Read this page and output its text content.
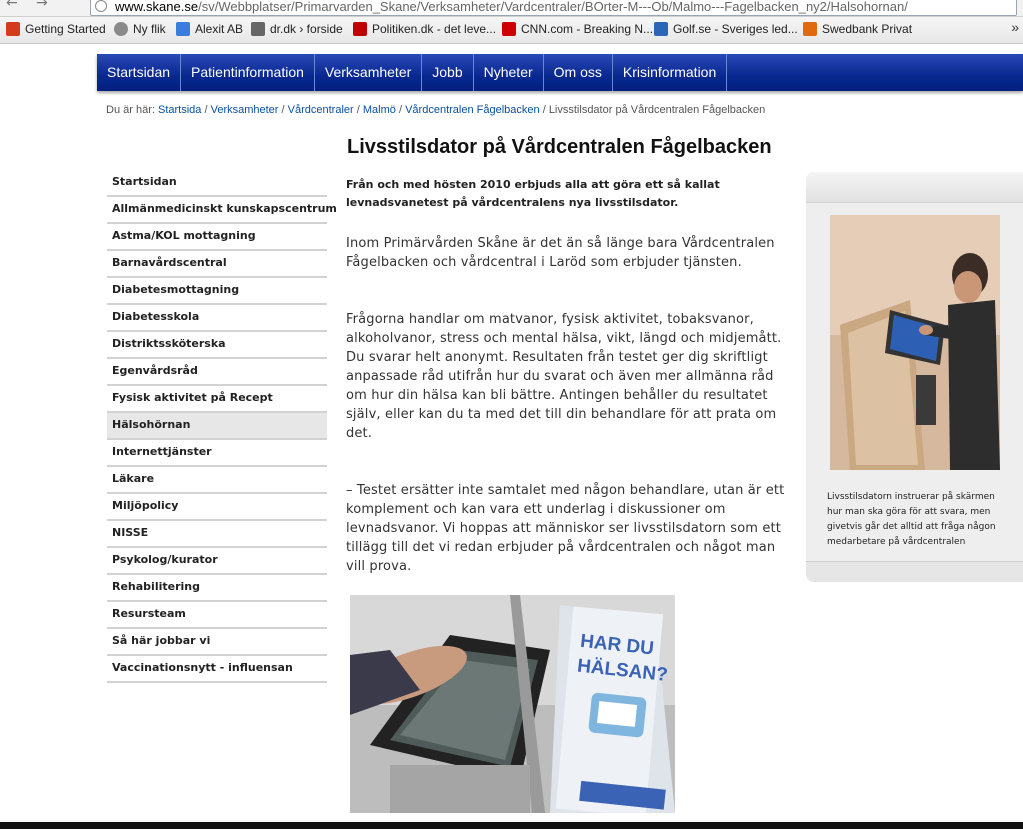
← →	www.skane.se/sv/Webbplatser/Primarvarden_Skane/Verksamheter/Vardcentraler/BOrter-M---Ob/Malmo---Fagelbacken_ny2/Halsohornan/
Getting Started	Ny flik	Alexit AB	dr.dk › forside	Politiken.dk - det leve...	CNN.com - Breaking N...	Golf.se - Sveriges led...	Swedbank Privat	»
Startsidan	Patientinformation	Verksamheter	Jobb	Nyheter	Om oss	Krisinformation
Du är här: Startsida / Verksamheter / Vårdcentraler / Malmö / Vårdcentralen Fågelbacken / Livsstilsdator på Vårdcentralen Fågelbacken
Livsstilsdator på Vårdcentralen Fågelbacken
Startsidan
Allmänmedicinskt kunskapscentrum
Astma/KOL mottagning
Barnavårdscentral
Diabetesmottagning
Diabetesskola
Distriktssköterska
Egenvårdsråd
Fysisk aktivitet på Recept
Hälsohörnan
Internettjänster
Läkare
Miljöpolicy
NISSE
Psykolog/kurator
Rehabilitering
Resursteam
Så här jobbar vi
Vaccinationsnytt - influensan

Från och med hösten 2010 erbjuds alla att göra ett så kallat levnadsvanetest på vårdcentralens nya livsstilsdator.

Inom Primärvården Skåne är det än så länge bara Vårdcentralen Fågelbacken och vårdcentral i Laröd som erbjuder tjänsten.

Frågorna handlar om matvanor, fysisk aktivitet, tobaksvanor, alkoholvanor, stress och mental hälsa, vikt, längd och midjemått. Du svarar helt anonymt. Resultaten från testet ger dig skriftligt anpassade råd utifrån hur du svarat och även mer allmänna råd om hur din hälsa kan bli bättre. Antingen behåller du resultatet själv, eller kan du ta med det till din behandlare för att prata om det.

– Testet ersätter inte samtalet med någon behandlare, utan är ett komplement och kan vara ett underlag i diskussioner om levnadsvanor. Vi hoppas att människor ser livsstilsdatorn som ett tillägg till det vi redan erbjuder på vårdcentralen och något man vill prova.

HAR DU
HÄLSAN?

Livsstilsdatorn instruerar på skärmen hur man ska göra för att svara, men givetvis går det alltid att fråga någon medarbetare på vårdcentralen
